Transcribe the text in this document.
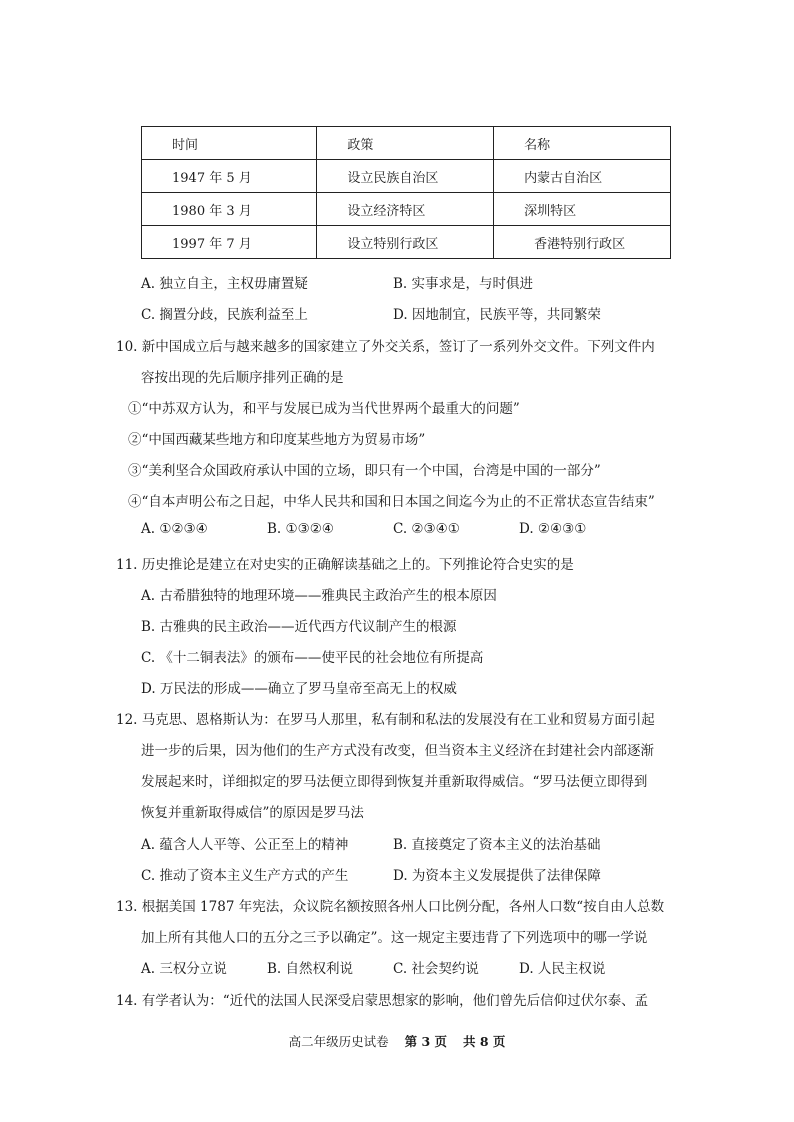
时间	政策	名称
1947 年 5 月	设立民族自治区	内蒙古自治区
1980 年 3 月	设立经济特区	深圳特区
1997 年 7 月	设立特别行政区	香港特别行政区
A. 独立自主，主权毋庸置疑	B. 实事求是，与时俱进
C. 搁置分歧，民族利益至上	D. 因地制宜，民族平等，共同繁荣
10. 新中国成立后与越来越多的国家建立了外交关系，签订了一系列外交文件。下列文件内
容按出现的先后顺序排列正确的是
①“中苏双方认为，和平与发展已成为当代世界两个最重大的问题”
②“中国西藏某些地方和印度某些地方为贸易市场”
③“美利坚合众国政府承认中国的立场，即只有一个中国，台湾是中国的一部分”
④“自本声明公布之日起，中华人民共和国和日本国之间迄今为止的不正常状态宣告结束”
A. ①②③④	B. ①③②④	C. ②③④①	D. ②④③①
11. 历史推论是建立在对史实的正确解读基础之上的。下列推论符合史实的是
A. 古希腊独特的地理环境——雅典民主政治产生的根本原因
B. 古雅典的民主政治——近代西方代议制产生的根源
C. 《十二铜表法》的颁布——使平民的社会地位有所提高
D. 万民法的形成——确立了罗马皇帝至高无上的权威
12. 马克思、恩格斯认为：在罗马人那里，私有制和私法的发展没有在工业和贸易方面引起
进一步的后果，因为他们的生产方式没有改变，但当资本主义经济在封建社会内部逐渐
发展起来时，详细拟定的罗马法便立即得到恢复并重新取得威信。“罗马法便立即得到
恢复并重新取得威信”的原因是罗马法
A. 蕴含人人平等、公正至上的精神	B. 直接奠定了资本主义的法治基础
C. 推动了资本主义生产方式的产生	D. 为资本主义发展提供了法律保障
13. 根据美国 1787 年宪法，众议院名额按照各州人口比例分配，各州人口数“按自由人总数
加上所有其他人口的五分之三予以确定”。这一规定主要违背了下列选项中的哪一学说
A. 三权分立说	B. 自然权利说	C. 社会契约说	D. 人民主权说
14. 有学者认为：“近代的法国人民深受启蒙思想家的影响，他们曾先后信仰过伏尔泰、孟
高二年级历史试卷 第 3 页 共 8 页
